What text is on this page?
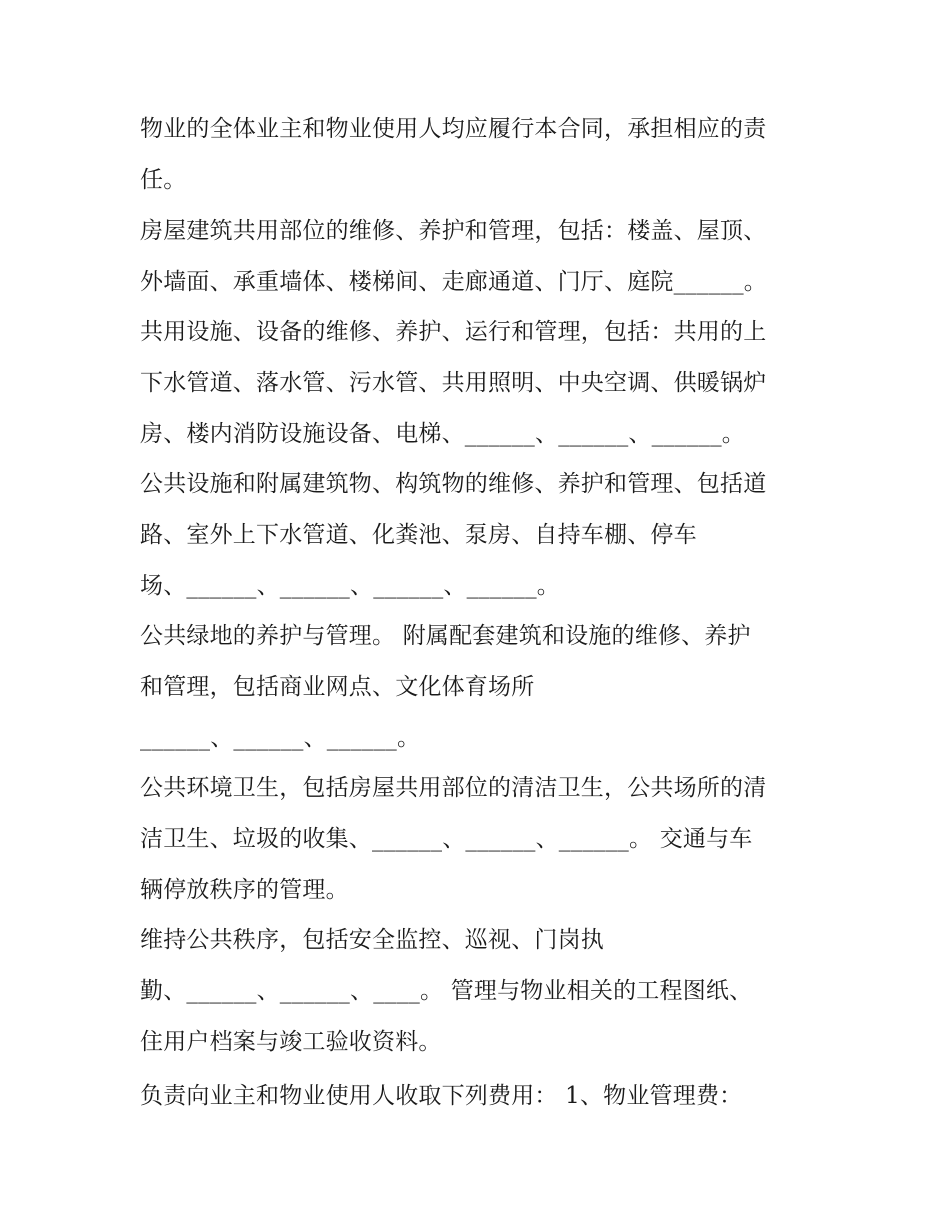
物业的全体业主和物业使用人均应履行本合同，承担相应的责
任。
房屋建筑共用部位的维修、养护和管理，包括：楼盖、屋顶、
外墙面、承重墙体、楼梯间、走廊通道、门厅、庭院______。
共用设施、设备的维修、养护、运行和管理，包括：共用的上
下水管道、落水管、污水管、共用照明、中央空调、供暖锅炉
房、楼内消防设施设备、电梯、______、______、______。
公共设施和附属建筑物、构筑物的维修、养护和管理、包括道
路、室外上下水管道、化粪池、泵房、自持车棚、停车
场、______、______、______、______。
公共绿地的养护与管理。 附属配套建筑和设施的维修、养护
和管理，包括商业网点、文化体育场所
______、______、______。
公共环境卫生，包括房屋共用部位的清洁卫生，公共场所的清
洁卫生、垃圾的收集、______、______、______。 交通与车
辆停放秩序的管理。
维持公共秩序，包括安全监控、巡视、门岗执
勤、______、______、____。 管理与物业相关的工程图纸、
住用户档案与竣工验收资料。
负责向业主和物业使用人收取下列费用： 1、物业管理费：
